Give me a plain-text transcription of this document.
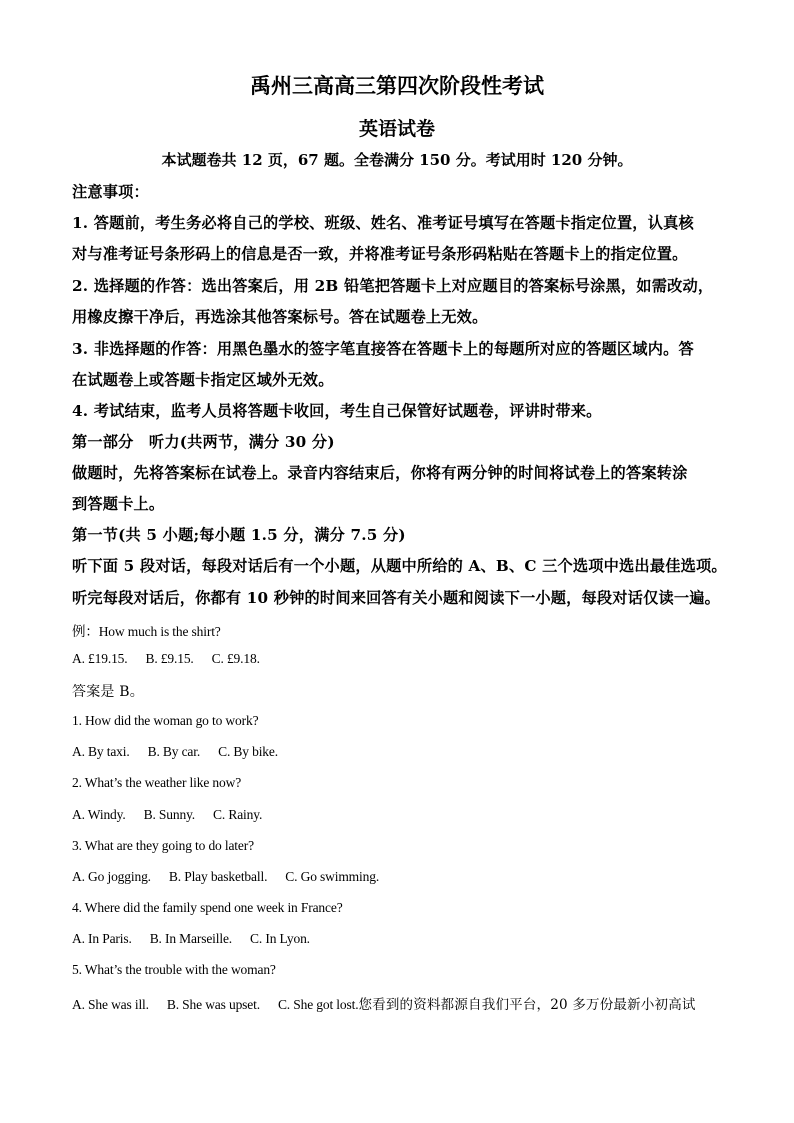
禹州三高高三第四次阶段性考试
英语试卷
本试题卷共 12 页，67 题。全卷满分 150 分。考试用时 120 分钟。
注意事项：
1. 答题前，考生务必将自己的学校、班级、姓名、准考证号填写在答题卡指定位置，认真核
对与准考证号条形码上的信息是否一致，并将准考证号条形码粘贴在答题卡上的指定位置。
2. 选择题的作答：选出答案后，用 2B 铅笔把答题卡上对应题目的答案标号涂黑，如需改动，
用橡皮擦干净后，再选涂其他答案标号。答在试题卷上无效。
3. 非选择题的作答：用黑色墨水的签字笔直接答在答题卡上的每题所对应的答题区域内。答
在试题卷上或答题卡指定区域外无效。
4. 考试结束，监考人员将答题卡收回，考生自己保管好试题卷，评讲时带来。
第一部分　听力(共两节，满分 30 分)
做题时，先将答案标在试卷上。录音内容结束后，你将有两分钟的时间将试卷上的答案转涂
到答题卡上。
第一节(共 5 小题;每小题 1.5 分，满分 7.5 分)
听下面 5 段对话，每段对话后有一个小题，从题中所给的 A、B、C 三个选项中选出最佳选项。
听完每段对话后，你都有 10 秒钟的时间来回答有关小题和阅读下一小题，每段对话仅读一遍。
例：How much is the shirt?
A. £19.15. B. £9.15. C. £9.18.
答案是 B。
1. How did the woman go to work?
A. By taxi. B. By car. C. By bike.
2. What’s the weather like now?
A. Windy. B. Sunny. C. Rainy.
3. What are they going to do later?
A. Go jogging. B. Play basketball. C. Go swimming.
4. Where did the family spend one week in France?
A. In Paris. B. In Marseille. C. In Lyon.
5. What’s the trouble with the woman?
A. She was ill. B. She was upset. C. She got lost.您看到的资料都源自我们平台，20 多万份最新小初高试
